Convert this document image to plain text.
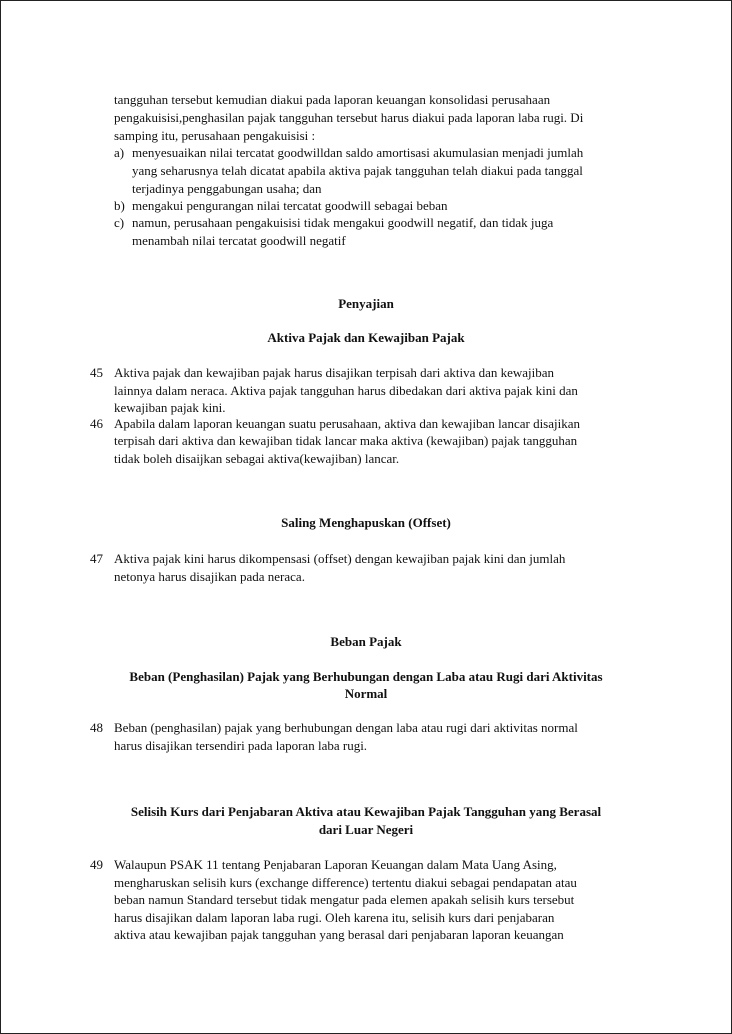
tangguhan tersebut kemudian diakui pada laporan keuangan konsolidasi perusahaan
pengakuisisi,penghasilan pajak tangguhan tersebut harus diakui pada laporan laba rugi. Di
samping itu, perusahaan pengakuisisi :
a) menyesuaikan nilai tercatat goodwilldan saldo amortisasi akumulasian menjadi jumlah
yang seharusnya telah dicatat apabila aktiva pajak tangguhan telah diakui pada tanggal
terjadinya penggabungan usaha; dan
b) mengakui pengurangan nilai tercatat goodwill sebagai beban
c) namun, perusahaan pengakuisisi tidak mengakui goodwill negatif, dan tidak juga
menambah nilai tercatat goodwill negatif
Penyajian
Aktiva Pajak dan Kewajiban Pajak
45 Aktiva pajak dan kewajiban pajak harus disajikan terpisah dari aktiva dan kewajiban
lainnya dalam neraca. Aktiva pajak tangguhan harus dibedakan dari aktiva pajak kini dan
kewajiban pajak kini.
46 Apabila dalam laporan keuangan suatu perusahaan, aktiva dan kewajiban lancar disajikan
terpisah dari aktiva dan kewajiban tidak lancar maka aktiva (kewajiban) pajak tangguhan
tidak boleh disaijkan sebagai aktiva(kewajiban) lancar.
Saling Menghapuskan (Offset)
47 Aktiva pajak kini harus dikompensasi (offset) dengan kewajiban pajak kini dan jumlah
netonya harus disajikan pada neraca.
Beban Pajak
Beban (Penghasilan) Pajak yang Berhubungan dengan Laba atau Rugi dari Aktivitas
Normal
48 Beban (penghasilan) pajak yang berhubungan dengan laba atau rugi dari aktivitas normal
harus disajikan tersendiri pada laporan laba rugi.
Selisih Kurs dari Penjabaran Aktiva atau Kewajiban Pajak Tangguhan yang Berasal
dari Luar Negeri
49 Walaupun PSAK 11 tentang Penjabaran Laporan Keuangan dalam Mata Uang Asing,
mengharuskan selisih kurs (exchange difference) tertentu diakui sebagai pendapatan atau
beban namun Standard tersebut tidak mengatur pada elemen apakah selisih kurs tersebut
harus disajikan dalam laporan laba rugi. Oleh karena itu, selisih kurs dari penjabaran
aktiva atau kewajiban pajak tangguhan yang berasal dari penjabaran laporan keuangan
